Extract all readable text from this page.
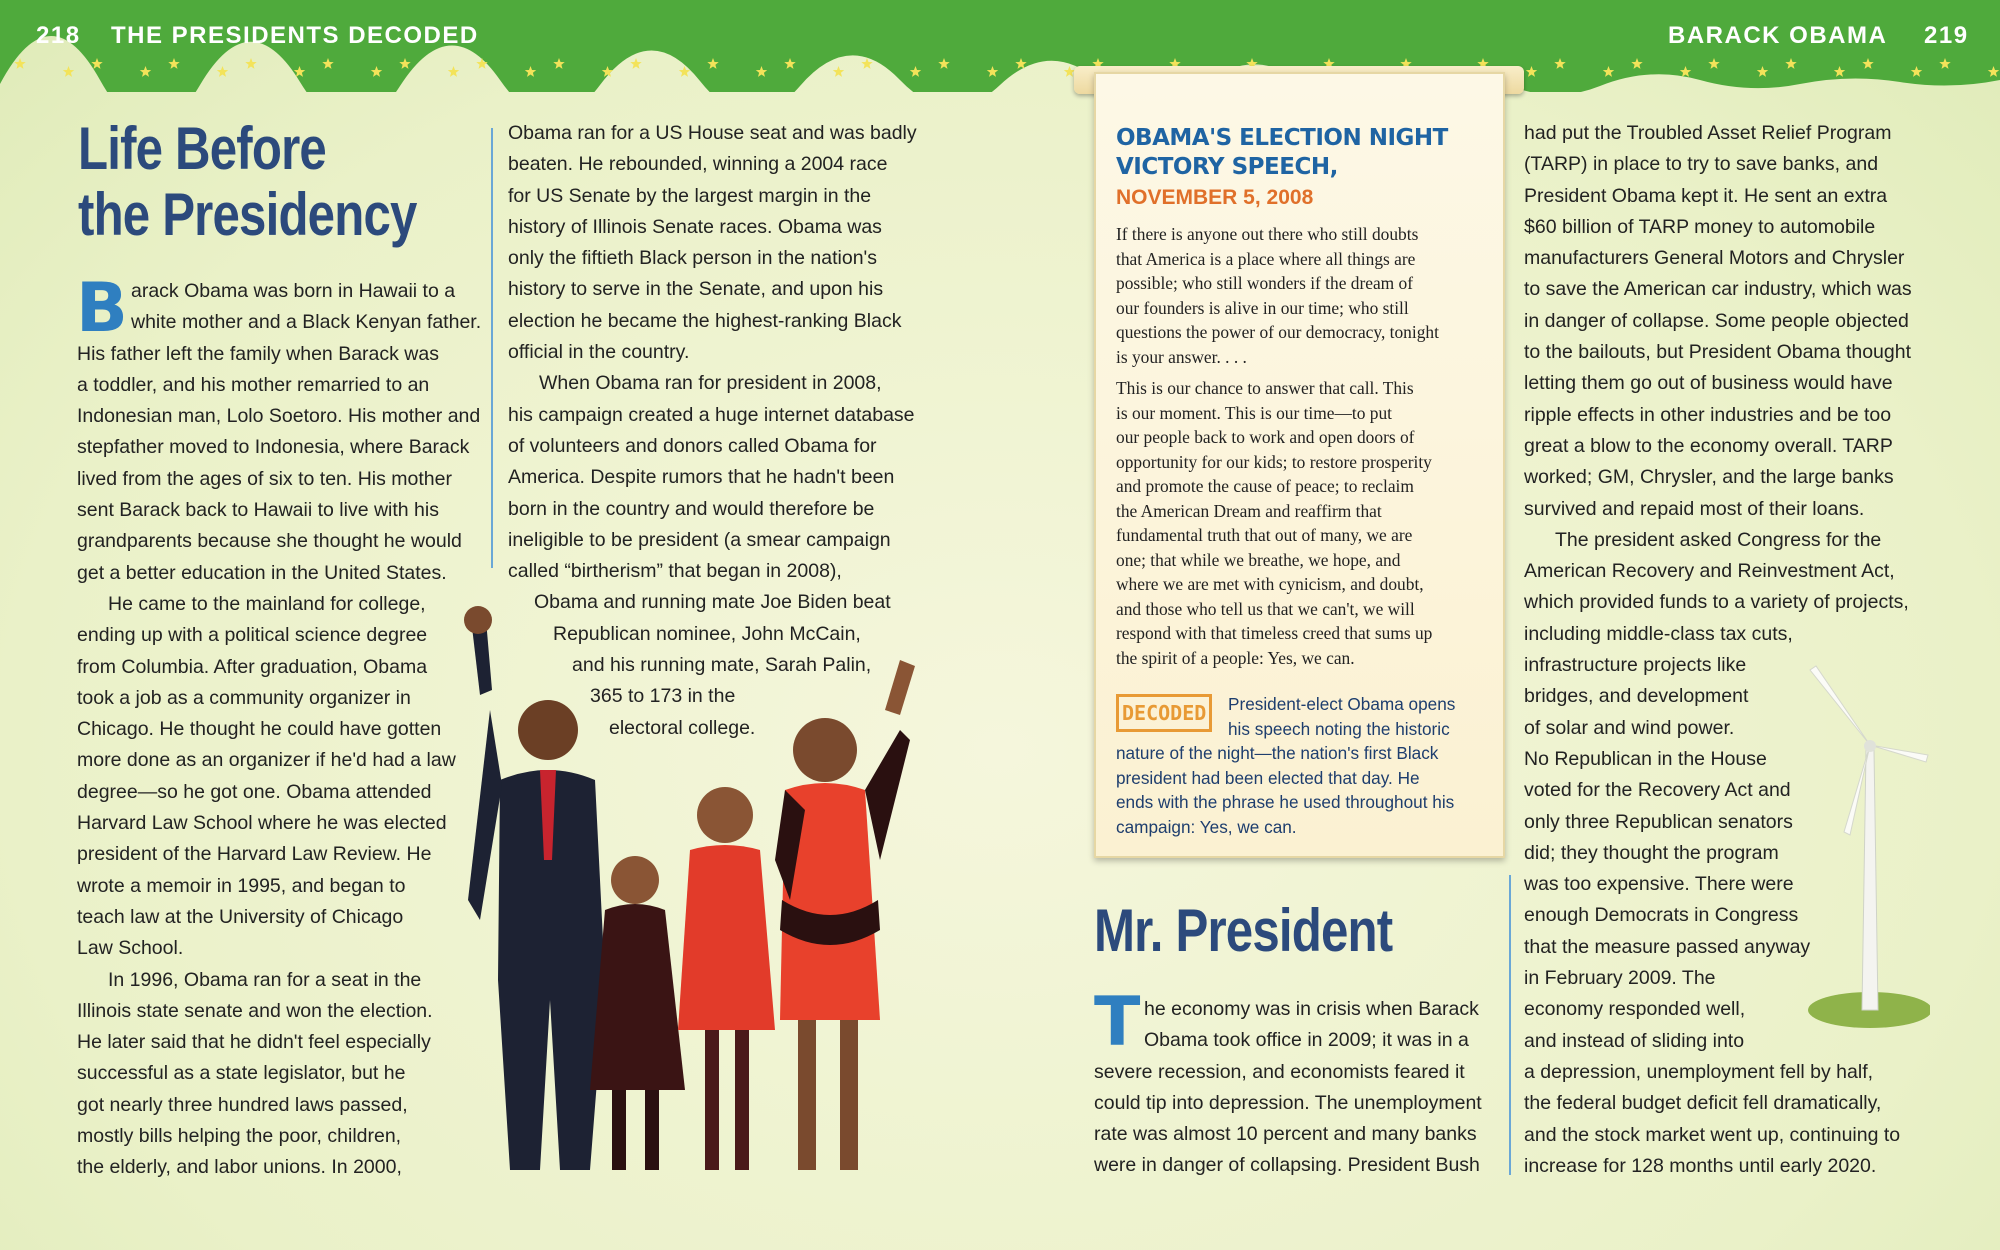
218 THE PRESIDENTS DECODED	BARACK OBAMA 219
Life Before
the Presidency
B arack Obama was born in Hawaii to a
white mother and a Black Kenyan father.
His father left the family when Barack was
a toddler, and his mother remarried to an
Indonesian man, Lolo Soetoro. His mother and
stepfather moved to Indonesia, where Barack
lived from the ages of six to ten. His mother
sent Barack back to Hawaii to live with his
grandparents because she thought he would
get a better education in the United States.
He came to the mainland for college,
ending up with a political science degree
from Columbia. After graduation, Obama
took a job as a community organizer in
Chicago. He thought he could have gotten
more done as an organizer if he'd had a law
degree—so he got one. Obama attended
Harvard Law School where he was elected
president of the Harvard Law Review. He
wrote a memoir in 1995, and began to
teach law at the University of Chicago
Law School.
In 1996, Obama ran for a seat in the
Illinois state senate and won the election.
He later said that he didn't feel especially
successful as a state legislator, but he
got nearly three hundred laws passed,
mostly bills helping the poor, children,
the elderly, and labor unions. In 2000,
Obama ran for a US House seat and was badly
beaten. He rebounded, winning a 2004 race
for US Senate by the largest margin in the
history of Illinois Senate races. Obama was
only the fiftieth Black person in the nation's
history to serve in the Senate, and upon his
election he became the highest-ranking Black
official in the country.
When Obama ran for president in 2008,
his campaign created a huge internet database
of volunteers and donors called Obama for
America. Despite rumors that he hadn't been
born in the country and would therefore be
ineligible to be president (a smear campaign
called “birtherism” that began in 2008),
Obama and running mate Joe Biden beat
Republican nominee, John McCain,
and his running mate, Sarah Palin,
365 to 173 in the
electoral college.
OBAMA'S ELECTION NIGHT
VICTORY SPEECH,
NOVEMBER 5, 2008
If there is anyone out there who still doubts
that America is a place where all things are
possible; who still wonders if the dream of
our founders is alive in our time; who still
questions the power of our democracy, tonight
is your answer. . . .
This is our chance to answer that call. This
is our moment. This is our time—to put
our people back to work and open doors of
opportunity for our kids; to restore prosperity
and promote the cause of peace; to reclaim
the American Dream and reaffirm that
fundamental truth that out of many, we are
one; that while we breathe, we hope, and
where we are met with cynicism, and doubt,
and those who tell us that we can't, we will
respond with that timeless creed that sums up
the spirit of a people: Yes, we can.
DECODED	President-elect Obama opens
his speech noting the historic
nature of the night—the nation's first Black
president had been elected that day. He
ends with the phrase he used throughout his
campaign: Yes, we can.
Mr. President
T he economy was in crisis when Barack
Obama took office in 2009; it was in a
severe recession, and economists feared it
could tip into depression. The unemployment
rate was almost 10 percent and many banks
were in danger of collapsing. President Bush
had put the Troubled Asset Relief Program
(TARP) in place to try to save banks, and
President Obama kept it. He sent an extra
$60 billion of TARP money to automobile
manufacturers General Motors and Chrysler
to save the American car industry, which was
in danger of collapse. Some people objected
to the bailouts, but President Obama thought
letting them go out of business would have
ripple effects in other industries and be too
great a blow to the economy overall. TARP
worked; GM, Chrysler, and the large banks
survived and repaid most of their loans.
The president asked Congress for the
American Recovery and Reinvestment Act,
which provided funds to a variety of projects,
including middle-class tax cuts,
infrastructure projects like
bridges, and development
of solar and wind power.
No Republican in the House
voted for the Recovery Act and
only three Republican senators
did; they thought the program
was too expensive. There were
enough Democrats in Congress
that the measure passed anyway
in February 2009. The
economy responded well,
and instead of sliding into
a depression, unemployment fell by half,
the federal budget deficit fell dramatically,
and the stock market went up, continuing to
increase for 128 months until early 2020.
